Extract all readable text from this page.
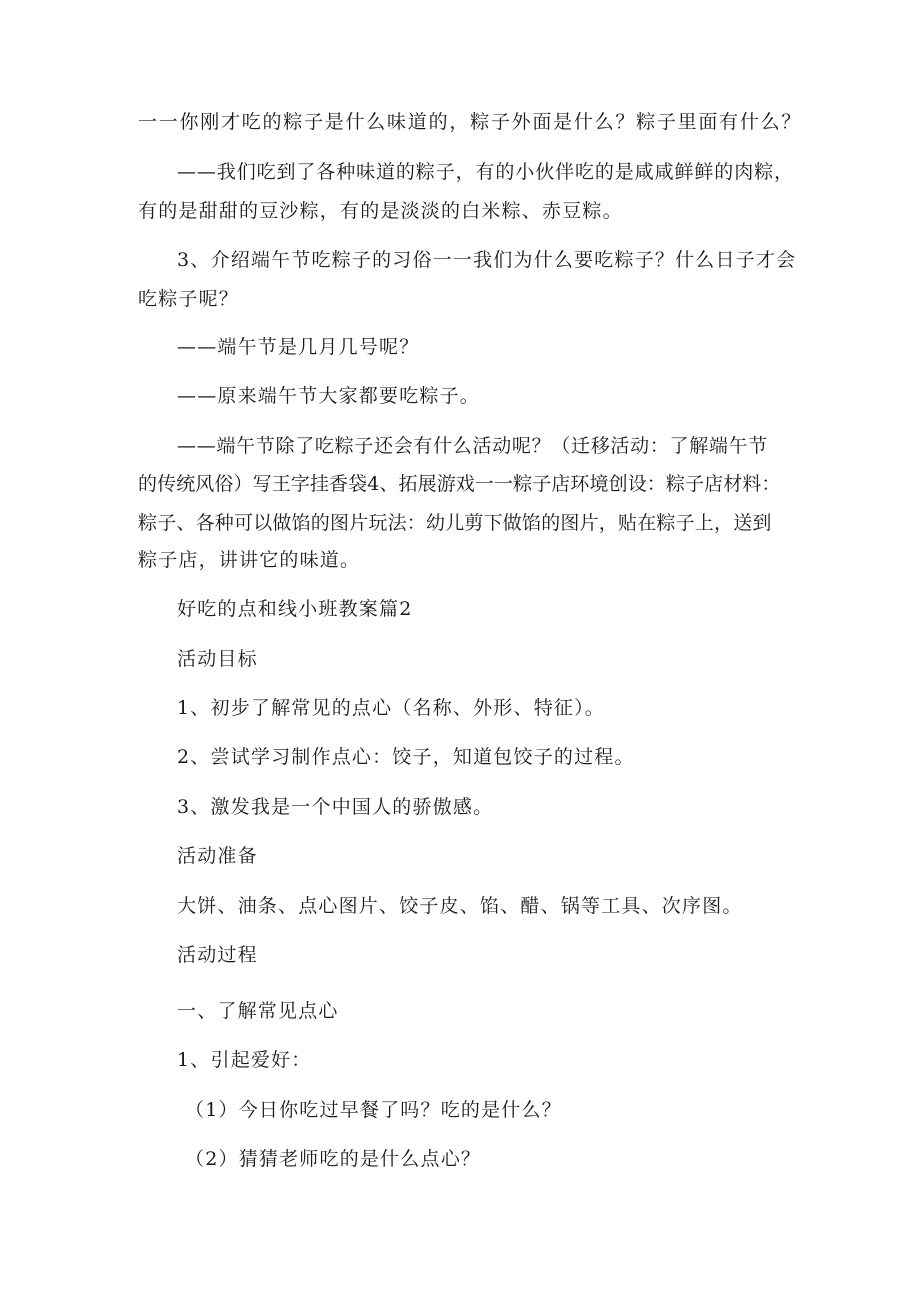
一一你刚才吃的粽子是什么味道的，粽子外面是什么？粽子里面有什么？
——我们吃到了各种味道的粽子，有的小伙伴吃的是咸咸鲜鲜的肉粽，
有的是甜甜的豆沙粽，有的是淡淡的白米粽、赤豆粽。
3、介绍端午节吃粽子的习俗一一我们为什么要吃粽子？什么日子才会
吃粽子呢？
——端午节是几月几号呢？
——原来端午节大家都要吃粽子。
——端午节除了吃粽子还会有什么活动呢？（迁移活动：了解端午节
的传统风俗）写王字挂香袋4、拓展游戏一一粽子店环境创设：粽子店材料：
粽子、各种可以做馅的图片玩法：幼儿剪下做馅的图片，贴在粽子上，送到
粽子店，讲讲它的味道。
好吃的点和线小班教案篇2
活动目标
1、初步了解常见的点心（名称、外形、特征）。
2、尝试学习制作点心：饺子，知道包饺子的过程。
3、激发我是一个中国人的骄傲感。
活动准备
大饼、油条、点心图片、饺子皮、馅、醋、锅等工具、次序图。
活动过程
一、了解常见点心
1、引起爱好：
（1）今日你吃过早餐了吗？吃的是什么？
（2）猜猜老师吃的是什么点心？
